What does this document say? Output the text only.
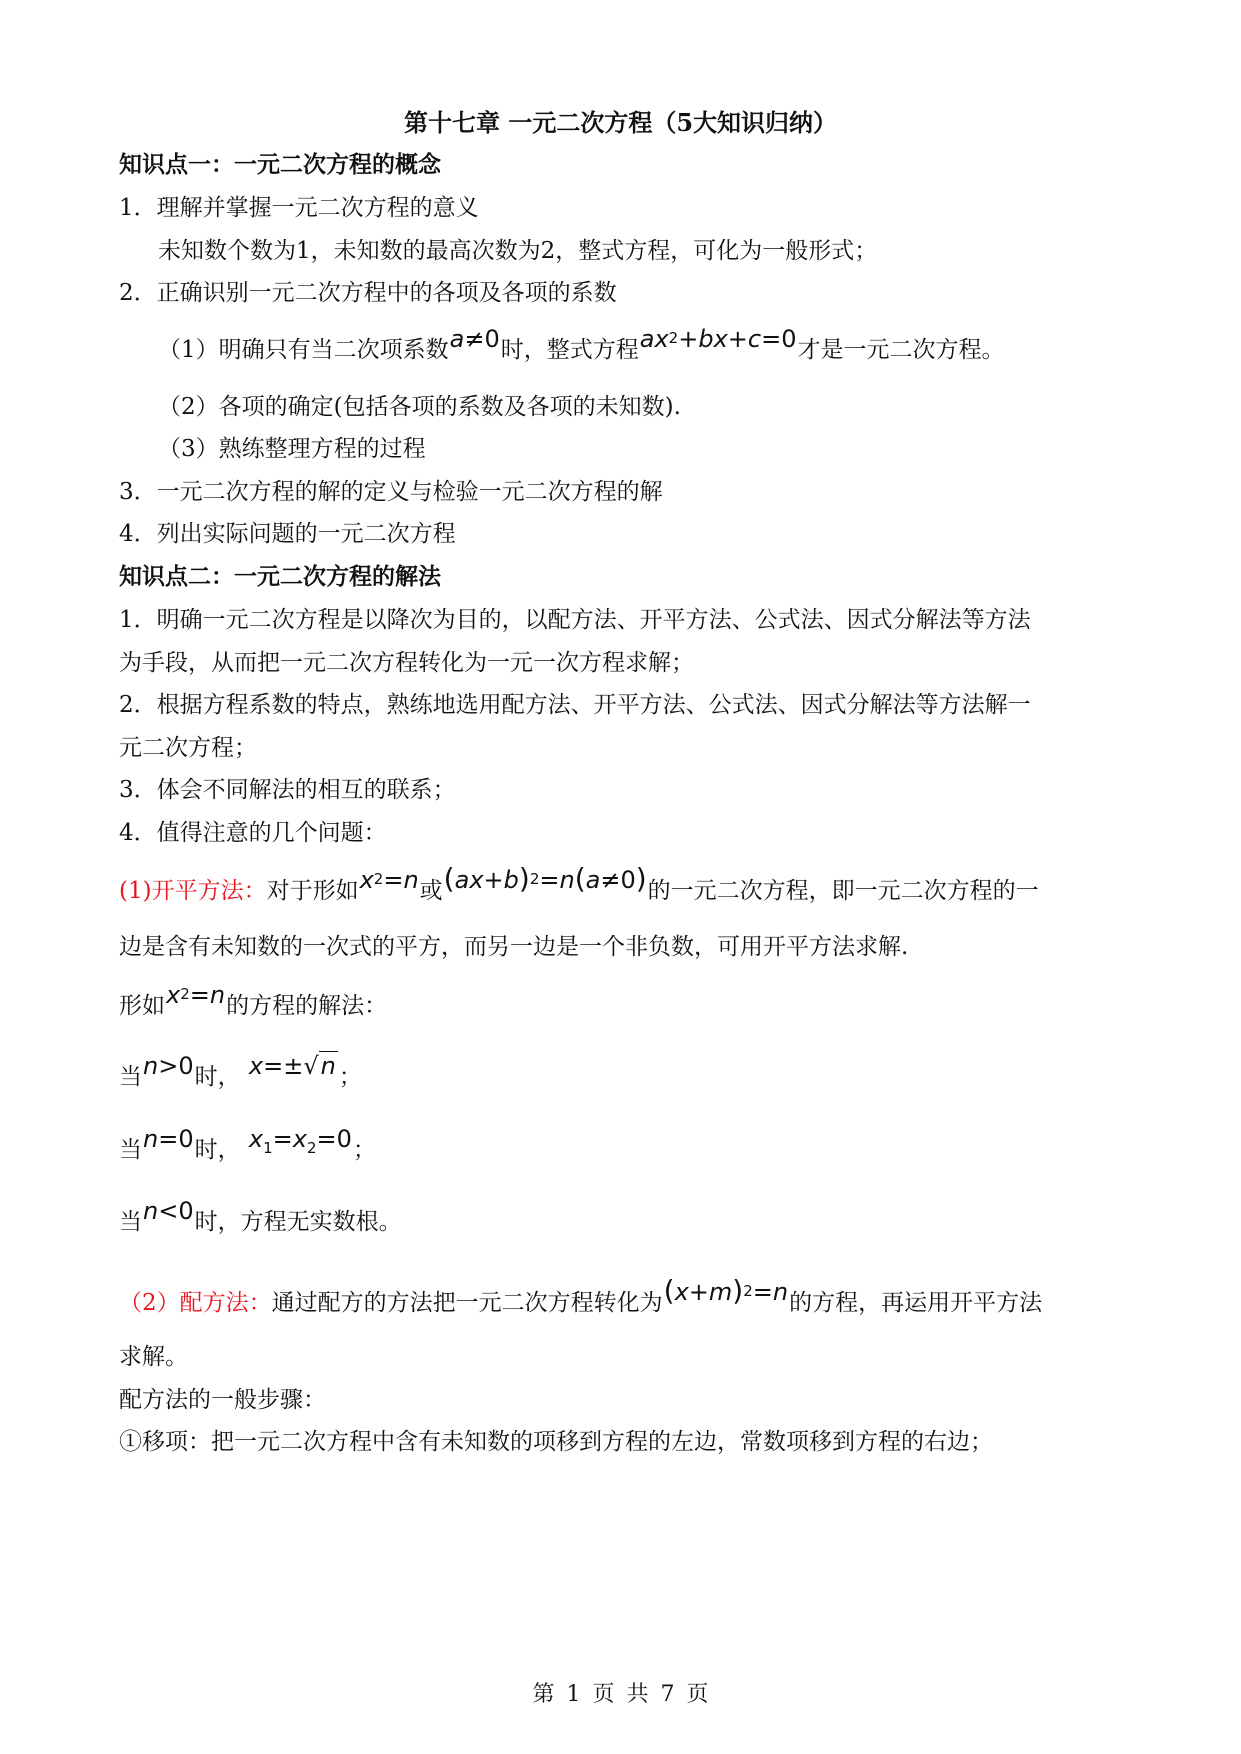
第十七章 一元二次方程（5大知识归纳）
知识点一：一元二次方程的概念
1．理解并掌握一元二次方程的意义
未知数个数为1，未知数的最高次数为2，整式方程，可化为一般形式；
2．正确识别一元二次方程中的各项及各项的系数
（1）明确只有当二次项系数a≠0时，整式方程$ax^2+bx+c=0$才是一元二次方程。
（2）各项的确定(包括各项的系数及各项的未知数).
（3）熟练整理方程的过程
3．一元二次方程的解的定义与检验一元二次方程的解
4．列出实际问题的一元二次方程
知识点二：一元二次方程的解法
1．明确一元二次方程是以降次为目的，以配方法、开平方法、公式法、因式分解法等方法
为手段，从而把一元二次方程转化为一元一次方程求解；
2．根据方程系数的特点，熟练地选用配方法、开平方法、公式法、因式分解法等方法解一
元二次方程；
3．体会不同解法的相互的联系；
4．值得注意的几个问题：
(1)开平方法：对于形如$x^2=n$或$(ax+b)^2=n(a\ne 0)$的一元二次方程，即一元二次方程的一
边是含有未知数的一次式的平方，而另一边是一个非负数，可用开平方法求解.
形如$x^2=n$的方程的解法：
当n>0时， x=±√n ；
当n=0时， $x_1=x_2=0$；
当n<0时，方程无实数根。
（2）配方法：通过配方的方法把一元二次方程转化为$(x+m)^2=n$的方程，再运用开平方法
求解。
配方法的一般步骤：
①移项：把一元二次方程中含有未知数的项移到方程的左边，常数项移到方程的右边；
第 1 页 共 7 页
